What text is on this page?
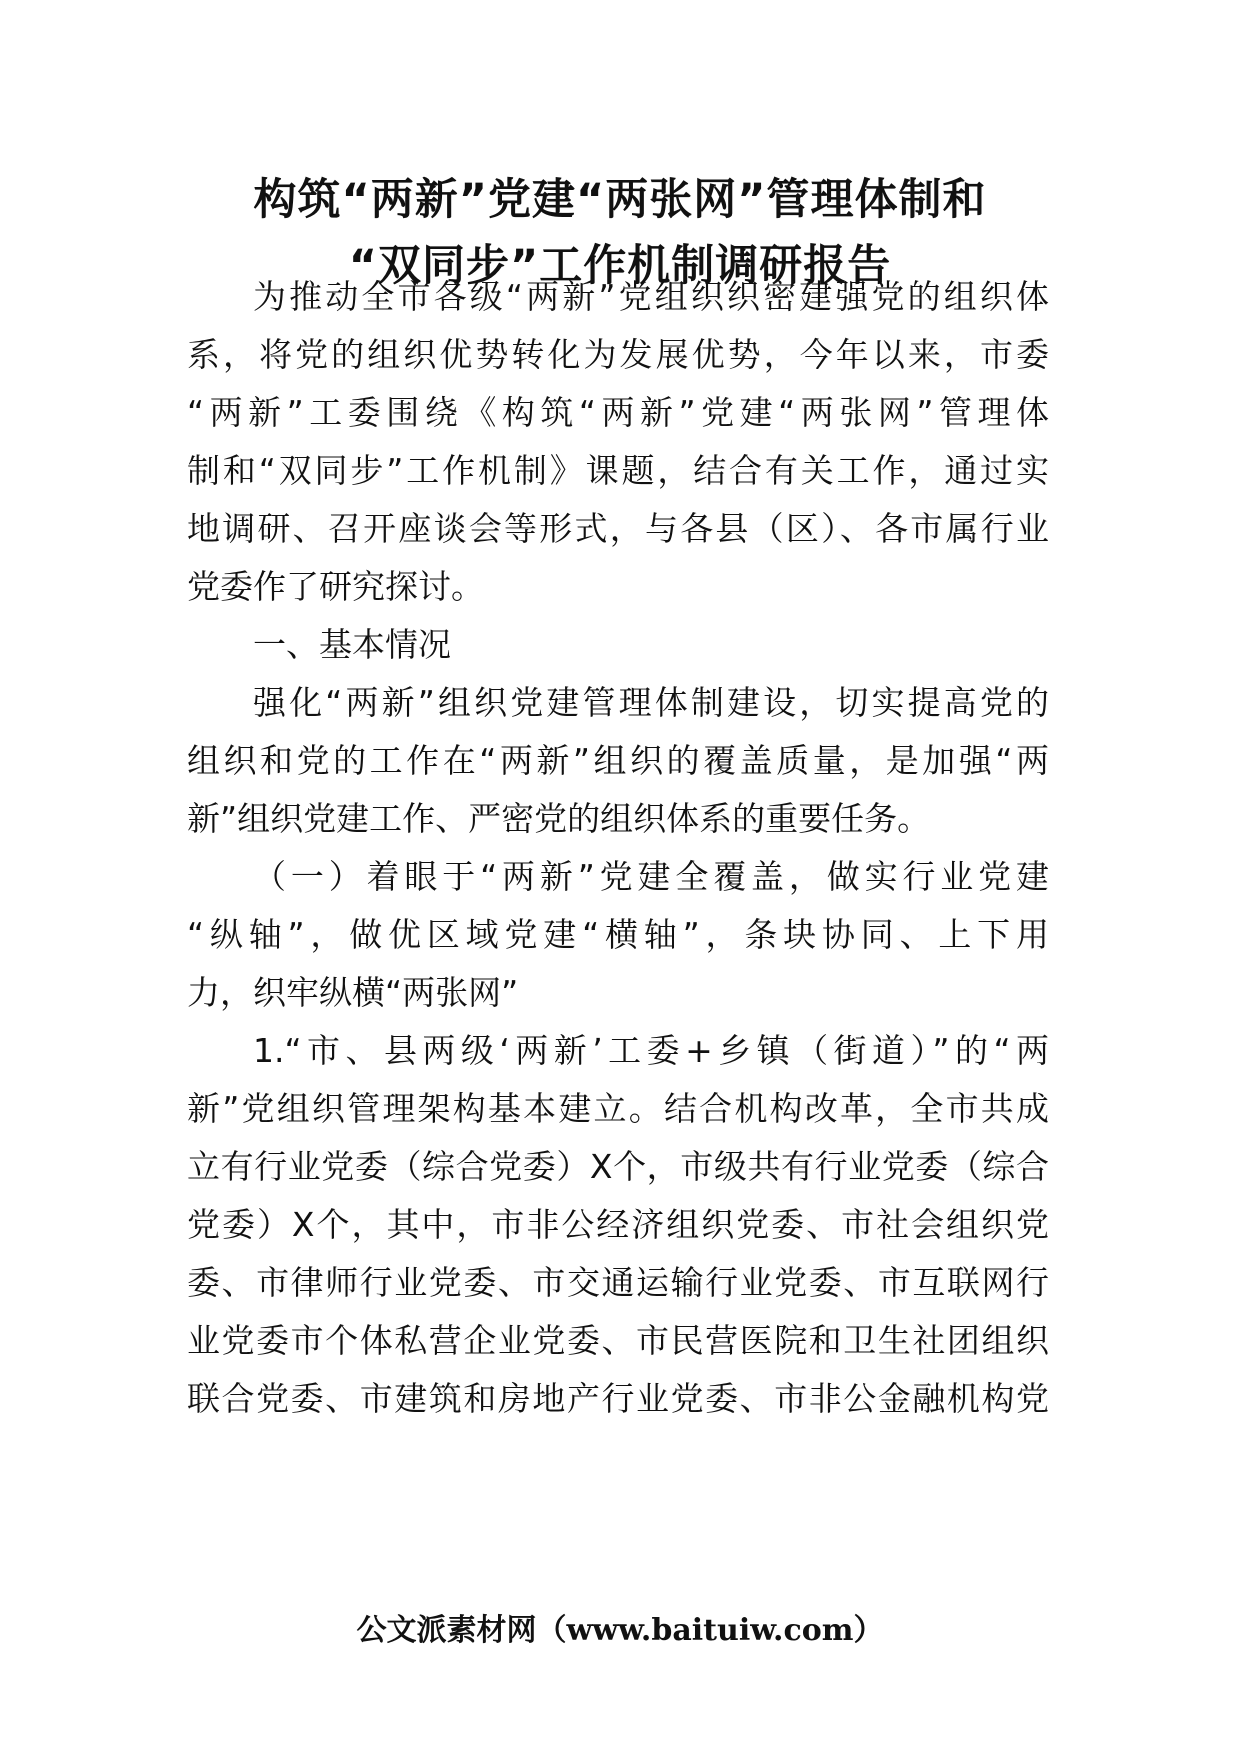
构筑“两新”党建“两张网”管理体制和
“双同步”工作机制调研报告
为推动全市各级“两新”党组织织密建强党的组织体
系，将党的组织优势转化为发展优势，今年以来，市委
“两新”工委围绕《构筑“两新”党建“两张网”管理体
制和“双同步”工作机制》课题，结合有关工作，通过实
地调研、召开座谈会等形式，与各县（区）、各市属行业
党委作了研究探讨。
一、基本情况
强化“两新”组织党建管理体制建设，切实提高党的
组织和党的工作在“两新”组织的覆盖质量，是加强“两
新”组织党建工作、严密党的组织体系的重要任务。
（一）着眼于“两新”党建全覆盖，做实行业党建
“纵轴”，做优区域党建“横轴”，条块协同、上下用
力，织牢纵横“两张网”
1.“市、县两级‘两新’工委+乡镇（街道）”的“两
新”党组织管理架构基本建立。结合机构改革，全市共成
立有行业党委（综合党委）X个，市级共有行业党委（综合
党委）X个，其中，市非公经济组织党委、市社会组织党
委、市律师行业党委、市交通运输行业党委、市互联网行
业党委市个体私营企业党委、市民营医院和卫生社团组织
联合党委、市建筑和房地产行业党委、市非公金融机构党
公文派素材网（www.baituiw.com）
